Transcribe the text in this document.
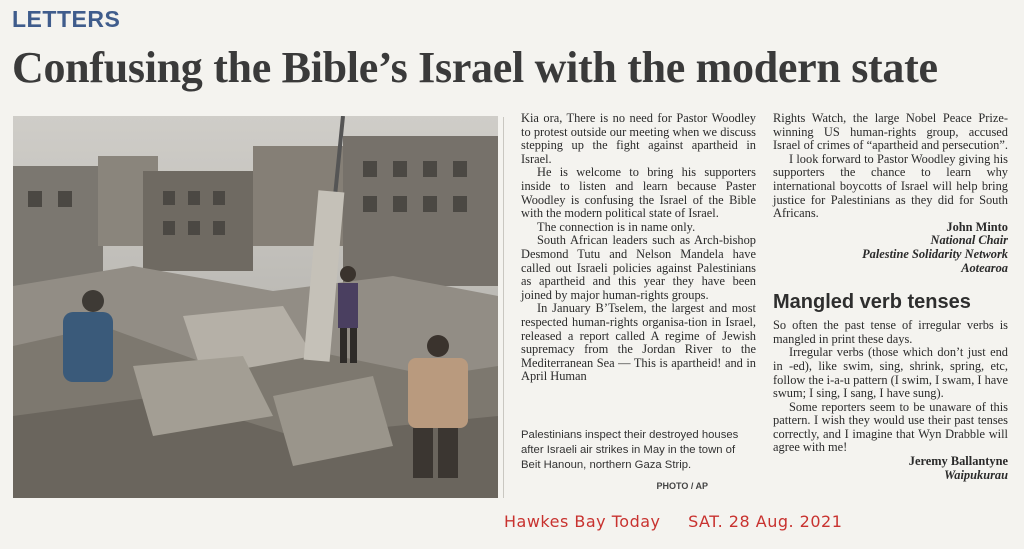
LETTERS
Confusing the Bible’s Israel with the modern state

Kia ora, There is no need for Pastor Woodley to protest outside our meeting when we discuss stepping up the fight against apartheid in Israel.

He is welcome to bring his supporters inside to listen and learn because Paster Woodley is confusing the Israel of the Bible with the modern political state of Israel.

The connection is in name only.

South African leaders such as Arch-bishop Desmond Tutu and Nelson Mandela have called out Israeli policies against Palestinians as apartheid and this year they have been joined by major human-rights groups.

In January B’Tselem, the largest and most respected human-rights organisa-tion in Israel, released a report called A regime of Jewish supremacy from the Jordan River to the Mediterranean Sea — This is apartheid! and in April Human

Palestinians inspect their destroyed houses after Israeli air strikes in May in the town of Beit Hanoun, northern Gaza Strip.
PHOTO / AP

Rights Watch, the large Nobel Peace Prize-winning US human-rights group, accused Israel of crimes of “apartheid and persecution”.

I look forward to Pastor Woodley giving his supporters the chance to learn why international boycotts of Israel will help bring justice for Palestinians as they did for South Africans.

John Minto
National Chair
Palestine Solidarity Network
Aotearoa
Mangled verb tenses

So often the past tense of irregular verbs is mangled in print these days.

Irregular verbs (those which don’t just end in -ed), like swim, sing, shrink, spring, etc, follow the i-a-u pattern (I swim, I swam, I have swum; I sing, I sang, I have sung).

Some reporters seem to be unaware of this pattern. I wish they would use their past tenses correctly, and I imagine that Wyn Drabble will agree with me!

Jeremy Ballantyne
Waipukurau
Hawkes Bay Today SAT. 28 Aug. 2021
